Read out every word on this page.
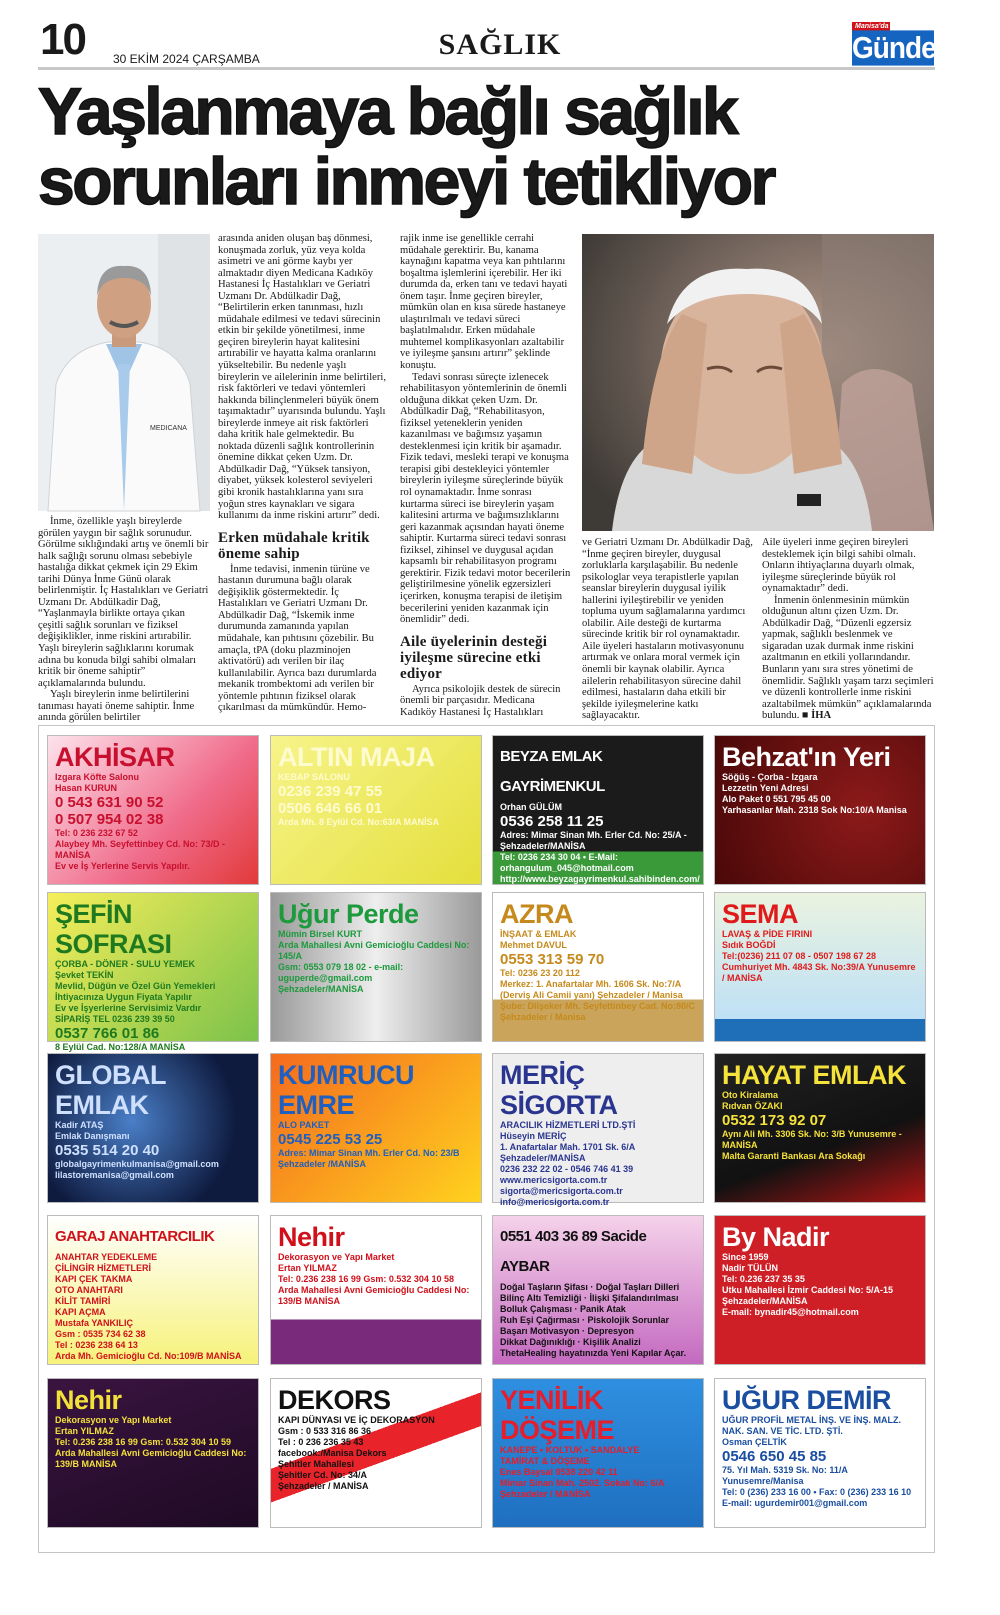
10 30 EKİM 2024 ÇARŞAMBA	SAĞLIK
Manisa'da
Gündem
Yaşlanmaya bağlı sağlık
sorunları inmeyi tetikliyor
MEDICANA

İnme, özellikle yaşlı bireylerde görülen yaygın bir sağlık sorunudur. Görülme sıklığındaki artış ve önemli bir halk sağlığı sorunu olması sebebiyle hastalığa dikkat çekmek için 29 Ekim tarihi Dünya İnme Günü olarak belirlenmiştir. İç Hastalıkları ve Geriatri Uzmanı Dr. Abdülkadir Dağ, “Yaşlanmayla birlikte ortaya çıkan çeşitli sağlık sorunları ve fiziksel değişiklikler, inme riskini artırabilir. Yaşlı bireylerin sağlıklarını korumak adına bu konuda bilgi sahibi olmaları kritik bir öneme sahiptir” açıklamalarında bulundu.

Yaşlı bireylerin inme belirtilerini tanıması hayati öneme sahiptir. İnme anında görülen belirtiler

arasında aniden oluşan baş dönmesi, konuşmada zorluk, yüz veya kolda asimetri ve ani görme kaybı yer almaktadır diyen Medicana Kadıköy Hastanesi İç Hastalıkları ve Geriatri Uzmanı Dr. Abdülkadir Dağ, “Belirtilerin erken tanınması, hızlı müdahale edilmesi ve tedavi sürecinin etkin bir şekilde yönetilmesi, inme geçiren bireylerin hayat kalitesini artırabilir ve hayatta kalma oranlarını yükseltebilir. Bu nedenle yaşlı bireylerin ve ailelerinin inme belirtileri, risk faktörleri ve tedavi yöntemleri hakkında bilinçlenmeleri büyük önem taşımaktadır” uyarısında bulundu. Yaşlı bireylerde inmeye ait risk faktörleri daha kritik hale gelmektedir. Bu noktada düzenli sağlık kontrollerinin önemine dikkat çeken Uzm. Dr. Abdülkadir Dağ, “Yüksek tansiyon, diyabet, yüksek kolesterol seviyeleri gibi kronik hastalıklarına yanı sıra yoğun stres kaynakları ve sigara kullanımı da inme riskini artırır” dedi.

Erken müdahale kritik öneme sahip

İnme tedavisi, inmenin türüne ve hastanın durumuna bağlı olarak değişiklik göstermektedir. İç Hastalıkları ve Geriatri Uzmanı Dr. Abdülkadir Dağ, “İskemik inme durumunda zamanında yapılan müdahale, kan pıhtısını çözebilir. Bu amaçla, tPA (doku plazminojen aktivatörü) adı verilen bir ilaç kullanılabilir. Ayrıca bazı durumlarda mekanik trombektomi adı verilen bir yöntemle pıhtının fiziksel olarak çıkarılması da mümkündür. Hemo-

rajik inme ise genellikle cerrahi müdahale gerektirir. Bu, kanama kaynağını kapatma veya kan pıhtılarını boşaltma işlemlerini içerebilir. Her iki durumda da, erken tanı ve tedavi hayati önem taşır. İnme geçiren bireyler, mümkün olan en kısa sürede hastaneye ulaştırılmalı ve tedavi süreci başlatılmalıdır. Erken müdahale muhtemel komplikasyonları azaltabilir ve iyileşme şansını artırır” şeklinde konuştu.

Tedavi sonrası süreçte izlenecek rehabilitasyon yöntemlerinin de önemli olduğuna dikkat çeken Uzm. Dr. Abdülkadir Dağ, “Rehabilitasyon, fiziksel yeteneklerin yeniden kazanılması ve bağımsız yaşamın desteklenmesi için kritik bir aşamadır. Fizik tedavi, mesleki terapi ve konuşma terapisi gibi destekleyici yöntemler bireylerin iyileşme süreçlerinde büyük rol oynamaktadır. İnme sonrası kurtarma süreci ise bireylerin yaşam kalitesini artırma ve bağımsızlıklarını geri kazanmak açısından hayati öneme sahiptir. Kurtarma süreci tedavi sonrası fiziksel, zihinsel ve duygusal açıdan kapsamlı bir rehabilitasyon programı gerektirir. Fizik tedavi motor becerilerin geliştirilmesine yönelik egzersizleri içerirken, konuşma terapisi de iletişim becerilerini yeniden kazanmak için önemlidir” dedi.

Aile üyelerinin desteği iyileşme sürecine etki ediyor

Ayrıca psikolojik destek de sürecin önemli bir parçasıdır. Medicana Kadıköy Hastanesi İç Hastalıkları

ve Geriatri Uzmanı Dr. Abdülkadir Dağ, “İnme geçiren bireyler, duygusal zorluklarla karşılaşabilir. Bu nedenle psikologlar veya terapistlerle yapılan seanslar bireylerin duygusal iyilik hallerini iyileştirebilir ve yeniden topluma uyum sağlamalarına yardımcı olabilir. Aile desteği de kurtarma sürecinde kritik bir rol oynamaktadır. Aile üyeleri hastaların motivasyonunu artırmak ve onlara moral vermek için önemli bir kaynak olabilir. Ayrıca ailelerin rehabilitasyon sürecine dahil edilmesi, hastaların daha etkili bir şekilde iyileşmelerine katkı sağlayacaktır.

Aile üyeleri inme geçiren bireyleri desteklemek için bilgi sahibi olmalı. Onların ihtiyaçlarına duyarlı olmak, iyileşme süreçlerinde büyük rol oynamaktadır” dedi.

İnmenin önlenmesinin mümkün olduğunun altını çizen Uzm. Dr. Abdülkadir Dağ, “Düzenli egzersiz yapmak, sağlıklı beslenmek ve sigaradan uzak durmak inme riskini azaltmanın en etkili yollarındandır. Bunların yanı sıra stres yönetimi de önemlidir. Sağlıklı yaşam tarzı seçimleri ve düzenli kontrollerle inme riskini azaltabilmek mümkün” açıklamalarında bulundu. ■ İHA

AKHİSAR
Izgara Köfte Salonu
Hasan KURUN
0 543 631 90 52
0 507 954 02 38
Tel: 0 236 232 67 52
Alaybey Mh. Seyfettinbey Cd. No: 73/D - MANİSA
Ev ve İş Yerlerine Servis Yapılır.
ALTIN MAJA
KEBAP SALONU
0236 239 47 55
0506 646 66 01
Arda Mh. 8 Eylül Cd. No:63/A MANİSA
BEYZA EMLAK GAYRİMENKUL
Orhan GÜLÜM
0536 258 11 25
Adres: Mimar Sinan Mh. Erler Cd. No: 25/A - Şehzadeler/MANİSA
Tel: 0236 234 30 04 • E-Mail: orhangulum_045@hotmail.com
http://www.beyzagayrimenkul.sahibinden.com/
Behzat'ın Yeri
Söğüş - Çorba - Izgara
Lezzetin Yeni Adresi
Alo Paket 0 551 795 45 00
Yarhasanlar Mah. 2318 Sok No:10/A Manisa
ŞEFİN SOFRASI
ÇORBA - DÖNER - SULU YEMEK
Şevket TEKİN
Mevlid, Düğün ve Özel Gün Yemekleri İhtiyacınıza Uygun Fiyata Yapılır
Ev ve İşyerlerine Servisimiz Vardır
SİPARİŞ TEL 0236 239 39 50
0537 766 01 86
8 Eylül Cad. No:128/A MANİSA
Uğur Perde
Mümin Birsel KURT
Arda Mahallesi Avni Gemicioğlu Caddesi No: 145/A
Gsm: 0553 079 18 02 - e-mail: uguperde@gmail.com
Şehzadeler/MANİSA
AZRA
İNŞAAT & EMLAK
Mehmet DAVUL
0553 313 59 70
Tel: 0236 23 20 112
Merkez: 1. Anafartalar Mh. 1606 Sk. No:7/A (Derviş Ali Camii yanı) Şehzadeler / Manisa
Şube: Dilşeker Mh. Seyfettinbey Cad. No:80/C Şehzadeler / Manisa
SEMA
LAVAŞ & PİDE FIRINI
Sıdık BOĞDİ
Tel:(0236) 211 07 08 - 0507 198 67 28
Cumhuriyet Mh. 4843 Sk. No:39/A Yunusemre / MANİSA
GLOBAL EMLAK
Kadir ATAŞ
Emlak Danışmanı
0535 514 20 40
globalgayrimenkulmanisa@gmail.com
lilastoremanisa@gmail.com
KUMRUCU EMRE
ALO PAKET
0545 225 53 25
Adres: Mimar Sinan Mh. Erler Cd. No: 23/B
Şehzadeler /MANİSA
MERİÇ SİGORTA
ARACILIK HİZMETLERİ LTD.ŞTİ
Hüseyin MERİÇ
1. Anafartalar Mah. 1701 Sk. 6/A Şehzadeler/MANİSA
0236 232 22 02 - 0546 746 41 39
www.mericsigorta.com.tr
sigorta@mericsigorta.com.tr
info@mericsigorta.com.tr
HAYAT EMLAK
Oto Kiralama
Rıdvan ÖZAKI
0532 173 92 07
Aynı Ali Mh. 3306 Sk. No: 3/B Yunusemre - MANİSA
Malta Garanti Bankası Ara Sokağı
GARAJ ANAHTARCILIK
ANAHTAR YEDEKLEME
ÇİLİNGİR HİZMETLERİ
KAPI ÇEK TAKMA
OTO ANAHTARI
KİLİT TAMİRİ
KAPI AÇMA
Mustafa YANKILIÇ
Gsm : 0535 734 62 38
Tel : 0236 238 64 13
Arda Mh. Gemicioğlu Cd. No:109/B MANİSA
Nehir
Dekorasyon ve Yapı Market
Ertan YILMAZ
Tel: 0.236 238 16 99 Gsm: 0.532 304 10 58
Arda Mahallesi Avni Gemicioğlu Caddesi No: 139/B MANİSA
0551 403 36 89 Sacide AYBAR
Doğal Taşların Şifası · Doğal Taşları Dilleri
Bilinç Altı Temizliği · İlişki Şifalandırılması
Bolluk Çalışması · Panik Atak
Ruh Eşi Çağırması · Piskolojik Sorunlar
Başarı Motivasyon · Depresyon
Dikkat Dağınıklığı · Kişilik Analizi
ThetaHealing hayatınızda Yeni Kapılar Açar.
By Nadir
Since 1959
Nadir TÜLÜN
Tel: 0.236 237 35 35
Utku Mahallesi İzmir Caddesi No: 5/A-15 Şehzadeler/MANİSA
E-mail: bynadir45@hotmail.com
Nehir
Dekorasyon ve Yapı Market
Ertan YILMAZ
Tel: 0.236 238 16 99 Gsm: 0.532 304 10 59
Arda Mahallesi Avni Gemicioğlu Caddesi No: 139/B MANİSA
DEKORS
KAPI DÜNYASI VE İÇ DEKORASYON
Gsm : 0 533 316 86 36
Tel : 0 236 236 35 43
facebook:/Manisa Dekors
Şehitler Mahallesi
Şehitler Cd. No: 34/A
Şehzadeler / MANİSA
YENİLİK DÖŞEME
KANEPE • KOLTUK • SANDALYE
TAMİRAT & DÖŞEME
Enes Baysal 0538 220 42 11
Mimar Sinan Mah. 2502. Sokak No: 6/A Şehzadeler / MANİSA
UĞUR DEMİR
UĞUR PROFİL METAL İNŞ. VE İNŞ. MALZ. NAK. SAN. VE TİC. LTD. ŞTİ.
Osman ÇELTİK
0546 650 45 85
75. Yıl Mah. 5319 Sk. No: 11/A Yunusemre/Manisa
Tel: 0 (236) 233 16 00 • Fax: 0 (236) 233 16 10
E-mail: ugurdemir001@gmail.com
